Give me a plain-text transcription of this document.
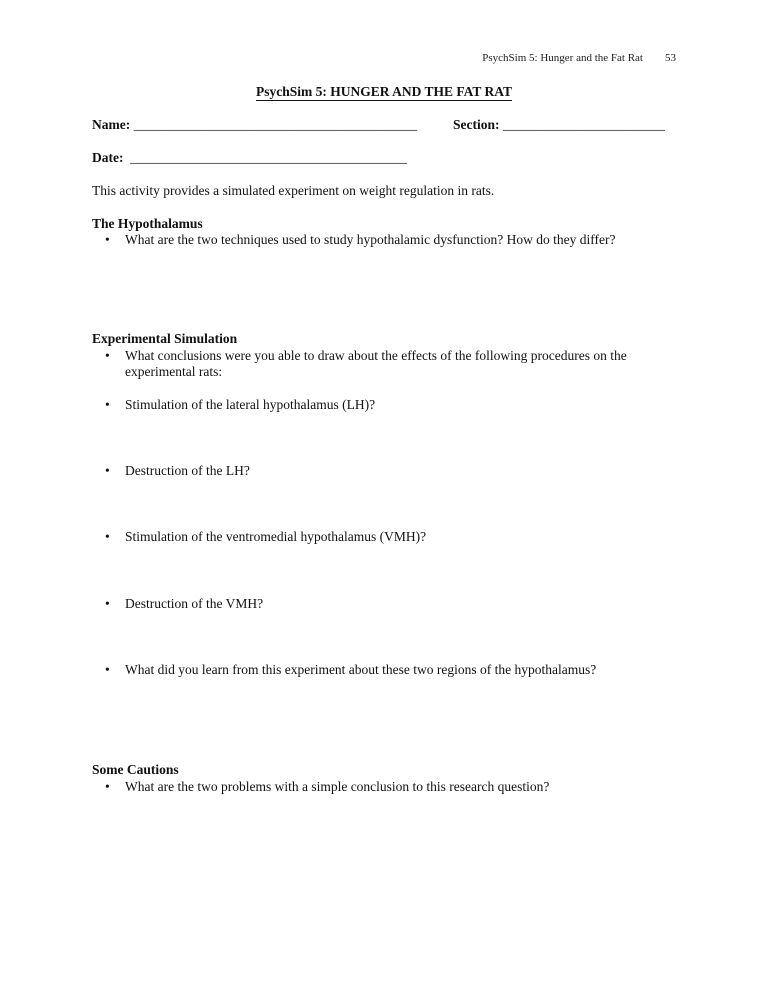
PsychSim 5: Hunger and the Fat Rat 53
PsychSim 5: HUNGER AND THE FAT RAT
Name: __________________________________________	Section: ________________________
Date: _________________________________________
This activity provides a simulated experiment on weight regulation in rats.
The Hypothalamus
• What are the two techniques used to study hypothalamic dysfunction? How do they differ?
Experimental Simulation
• What conclusions were you able to draw about the effects of the following procedures on the experimental rats:
• Stimulation of the lateral hypothalamus (LH)?
• Destruction of the LH?
• Stimulation of the ventromedial hypothalamus (VMH)?
• Destruction of the VMH?
• What did you learn from this experiment about these two regions of the hypothalamus?
Some Cautions
• What are the two problems with a simple conclusion to this research question?
